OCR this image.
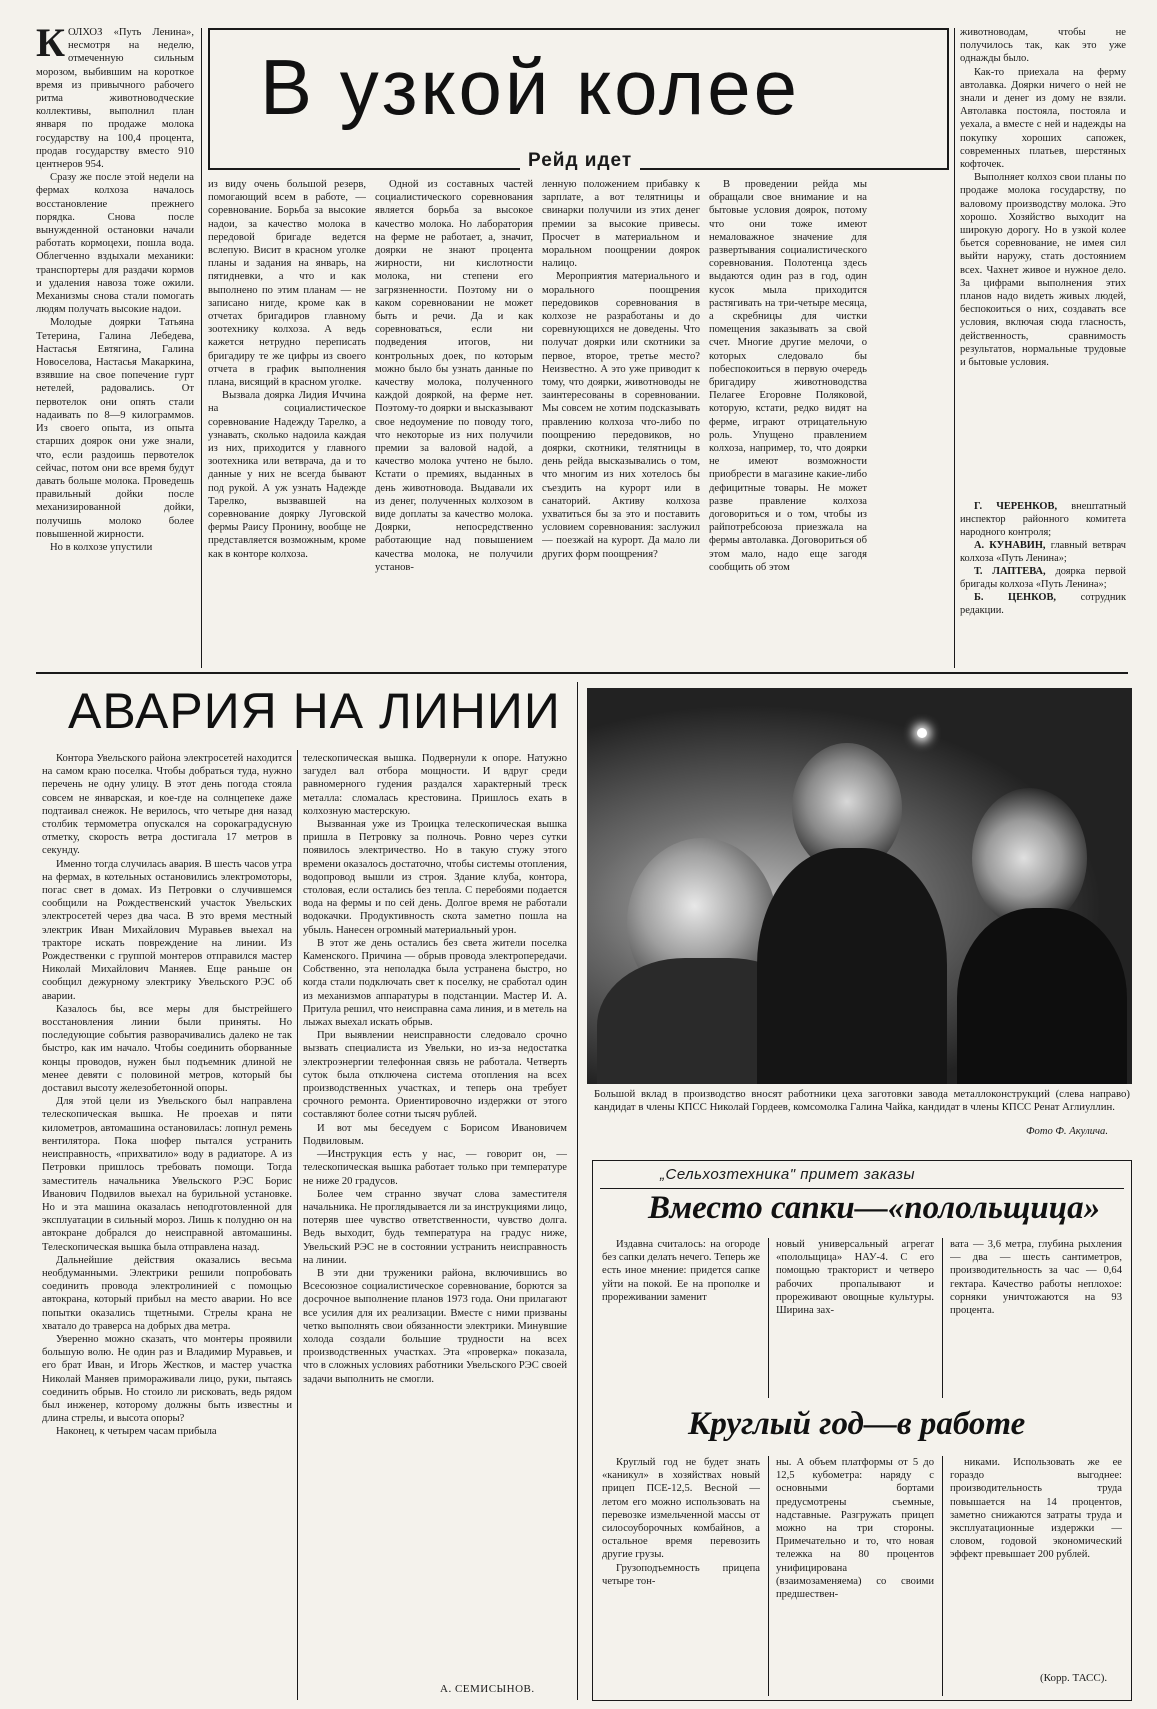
К ОЛХОЗ «Путь Ленина», несмотря на неделю, отмеченную сильным морозом, выбившим на короткое время из привычного рабочего ритма животноводческие коллективы, выполнил план января по продаже молока государству на 100,4 процента, продав государству вместо 910 центнеров 954.

Сразу же после этой недели на фермах колхоза началось восстановление прежнего порядка. Снова после вынужденной остановки начали работать кормоцехи, пошла вода. Облегченно вздыхали механики: транспортеры для раздачи кормов и удаления навоза тоже ожили. Механизмы снова стали помогать людям получать высокие надои.

Молодые доярки Татьяна Тетерина, Галина Лебедева, Настасья Евтягина, Галина Новоселова, Настасья Макаркина, взявшие на свое попечение гурт нетелей, радовались. От первотелок они опять стали надаивать по 8—9 килограммов. Из своего опыта, из опыта старших доярок они уже знали, что, если раздоишь первотелок сейчас, потом они все время будут давать больше молока. Проведешь правильный дойки после механизированной дойки, получишь молоко более повышенной жирности.

Но в колхозе упустили

В узкой колее
Рейд идет

из виду очень большой резерв, помогающий всем в работе, — соревнование. Борьба за высокие надои, за качество молока в передовой бригаде ведется вслепую. Висит в красном уголке планы и задания на январь, на пятидневки, а что и как выполнено по этим планам — не записано нигде, кроме как в отчетах бригадиров главному зоотехнику колхоза. А ведь кажется нетрудно переписать бригадиру те же цифры из своего отчета в график выполнения плана, висящий в красном уголке.

Вызвала доярка Лидия Иччина на социалистическое соревнование Надежду Тарелко, а узнавать, сколько надоила каждая из них, приходится у главного зоотехника или ветврача, да и то данные у них не всегда бывают под рукой. А уж узнать Надежде Тарелко, вызвавшей на соревнование доярку Луговской фермы Раису Пронину, вообще не представляется возможным, кроме как в конторе колхоза.

Одной из составных частей социалистического соревнования является борьба за высокое качество молока. Но лаборатория на ферме не работает, а, значит, доярки не знают процента жирности, ни кислотности молока, ни степени его загрязненности. Поэтому ни о каком соревновании не может быть и речи. Да и как соревноваться, если ни подведения итогов, ни контрольных доек, по которым можно было бы узнать данные по качеству молока, полученного каждой дояркой, на ферме нет. Поэтому-то доярки и высказывают свое недоумение по поводу того, что некоторые из них получили премии за валовой надой, а качество молока учтено не было. Кстати о премиях, выданных в день животновода. Выдавали их из денег, полученных колхозом в виде доплаты за качество молока. Доярки, непосредственно работающие над повышением качества молока, не получили установ-

ленную положением прибавку к зарплате, а вот телятницы и свинарки получили из этих денег премии за высокие привесы. Просчет в материальном и моральном поощрении доярок налицо.

Мероприятия материального и морального поощрения передовиков соревнования в колхозе не разработаны и до соревнующихся не доведены. Что получат доярки или скотники за первое, второе, третье место? Неизвестно. А это уже приводит к тому, что доярки, животноводы не заинтересованы в соревновании. Мы совсем не хотим подсказывать правлению колхоза что-либо по поощрению передовиков, но доярки, скотники, телятницы в день рейда высказывались о том, что многим из них хотелось бы съездить на курорт или в санаторий. Активу колхоза ухватиться бы за это и поставить условием соревнования: заслужил — поезжай на курорт. Да мало ли других форм поощрения?

В проведении рейда мы обращали свое внимание и на бытовые условия доярок, потому что они тоже имеют немаловажное значение для развертывания социалистического соревнования. Полотенца здесь выдаются один раз в год, один кусок мыла приходится растягивать на три-четыре месяца, а скребницы для чистки помещения заказывать за свой счет. Многие другие мелочи, о которых следовало бы побеспокоиться в первую очередь бригадиру животноводства Пелагее Егоровне Поляковой, которую, кстати, редко видят на ферме, играют отрицательную роль. Упущено правлением колхоза, например, то, что доярки не имеют возможности приобрести в магазине какие-либо дефицитные товары. Не может разве правление колхоза договориться и о том, чтобы из райпотребсоюза приезжала на фермы автолавка. Договориться об этом мало, надо еще загодя сообщить об этом

животноводам, чтобы не получилось так, как это уже однажды было.

Как-то приехала на ферму автолавка. Доярки ничего о ней не знали и денег из дому не взяли. Автолавка постояла, постояла и уехала, а вместе с ней и надежды на покупку хороших сапожек, современных платьев, шерстяных кофточек.

Выполняет колхоз свои планы по продаже молока государству, по валовому производству молока. Это хорошо. Хозяйство выходит на широкую дорогу. Но в узкой колее бьется соревнование, не имея сил выйти наружу, стать достоянием всех. Чахнет живое и нужное дело. За цифрами выполнения этих планов надо видеть живых людей, беспокоиться о них, создавать все условия, включая сюда гласность, действенность, сравнимость результатов, нормальные трудовые и бытовые условия.

Г. ЧЕРЕНКОВ, внештатный инспектор районного комитета народного контроля;

А. КУНАВИН, главный ветврач колхоза «Путь Ленина»;

Т. ЛАПТЕВА, доярка первой бригады колхоза «Путь Ленина»;

Б. ЦЕНКОВ, сотрудник редакции.

АВАРИЯ НА ЛИНИИ

Контора Увельского района электросетей находится на самом краю поселка. Чтобы добраться туда, нужно перечень не одну улицу. В этот день погода стояла совсем не январская, и кое-где на солнцепеке даже подтаивал снежок. Не верилось, что четыре дня назад столбик термометра опускался на сорокаградусную отметку, скорость ветра достигала 17 метров в секунду.

Именно тогда случилась авария. В шесть часов утра на фермах, в котельных остановились электромоторы, погас свет в домах. Из Петровки о случившемся сообщили на Рождественский участок Увельских электросетей через два часа. В это время местный электрик Иван Михайлович Муравьев выехал на тракторе искать повреждение на линии. Из Рождественки с группой монтеров отправился мастер Николай Михайлович Маняев. Еще раньше он сообщил дежурному электрику Увельского РЭС об аварии.

Казалось бы, все меры для быстрейшего восстановления линии были приняты. Но последующие события разворачивались далеко не так быстро, как им начало. Чтобы соединить оборванные концы проводов, нужен был подъемник длиной не менее девяти с половиной метров, который бы доставил высоту железобетонной опоры.

Для этой цели из Увельского был направлена телескопическая вышка. Не проехав и пяти километров, автомашина остановилась: лопнул ремень вентилятора. Пока шофер пытался устранить неисправность, «прихватило» воду в радиаторе. А из Петровки пришлось требовать помощи. Тогда заместитель начальника Увельского РЭС Борис Иванович Подвилов выехал на бурильной установке. Но и эта машина оказалась неподготовленной для эксплуатации в сильный мороз. Лишь к полудню он на автокране добрался до неисправной автомашины. Телескопическая вышка была отправлена назад.

Дальнейшие действия оказались весьма необдуманными. Электрики решили попробовать соединить провода электролинией с помощью автокрана, который прибыл на место аварии. Но все попытки оказались тщетными. Стрелы крана не хватало до траверса на добрых два метра.

Уверенно можно сказать, что монтеры проявили большую волю. Не один раз и Владимир Муравьев, и его брат Иван, и Игорь Жестков, и мастер участка Николай Маняев примораживали лицо, руки, пытаясь соединить обрыв. Но стоило ли рисковать, ведь рядом был инженер, которому должны быть известны и длина стрелы, и высота опоры?

Наконец, к четырем часам прибыла

телескопическая вышка. Подвернули к опоре. Натужно загудел вал отбора мощности. И вдруг среди равномерного гудения раздался характерный треск металла: сломалась крестовина. Пришлось ехать в колхозную мастерскую.

Вызванная уже из Троицка телескопическая вышка пришла в Петровку за полночь. Ровно через сутки появилось электричество. Но в такую стужу этого времени оказалось достаточно, чтобы системы отопления, водопровод вышли из строя. Здание клуба, контора, столовая, если остались без тепла. С перебоями подается вода на фермы и по сей день. Долгое время не работали водокачки. Продуктивность скота заметно пошла на убыль. Нанесен огромный материальный урон.

В этот же день остались без света жители поселка Каменского. Причина — обрыв провода электропередачи. Собственно, эта неполадка была устранена быстро, но когда стали подключать свет к поселку, не сработал один из механизмов аппаратуры в подстанции. Мастер И. А. Притула решил, что неисправна сама линия, и в метель на лыжах выехал искать обрыв.

При выявлении неисправности следовало срочно вызвать специалиста из Увельки, но из-за недостатка электроэнергии телефонная связь не работала. Четверть суток была отключена система отопления на всех производственных участках, и теперь она требует срочного ремонта. Ориентировочно издержки от этого составляют более сотни тысяч рублей.

И вот мы беседуем с Борисом Ивановичем Подвиловым.

—Инструкция есть у нас, — говорит он, — телескопическая вышка работает только при температуре не ниже 20 градусов.

Более чем странно звучат слова заместителя начальника. Не проглядывается ли за инструкциями лицо, потеряв шее чувство ответственности, чувство долга. Ведь выходит, будь температура на градус ниже, Увельский РЭС не в состоянии устранить неисправность на линии.

В эти дни труженики района, включившись во Всесоюзное социалистическое соревнование, борются за досрочное выполнение планов 1973 года. Они прилагают все усилия для их реализации. Вместе с ними призваны четко выполнять свои обязанности электрики. Минувшие холода создали большие трудности на всех производственных участках. Эта «проверка» показала, что в сложных условиях работники Увельского РЭС своей задачи выполнить не смогли.

А. СЕМИСЫНОВ.
Большой вклад в производство вносят работники цеха заготовки завода металлоконструкций (слева направо) кандидат в члены КПСС Николай Гордеев, комсомолка Галина Чайка, кандидат в члены КПСС Ренат Аглиуллин.
Фото Ф. Акулича.
„Сельхозтехника" примет заказы
Вместо сапки—«полольщица»
Издавна считалось: на огороде без сапки делать нечего. Теперь же есть иное мнение: придется сапке уйти на покой. Ее на прополке и прореживании заменит
новый универсальный агрегат «полольщица» НАУ-4. С его помощью тракторист и четверо рабочих пропалывают и прореживают овощные культуры. Ширина зах-
вата — 3,6 метра, глубина рыхления — два — шесть сантиметров, производительность за час — 0,64 гектара. Качество работы неплохое: сорняки уничтожаются на 93 процента.
Круглый год—в работе

Круглый год не будет знать «каникул» в хозяйствах новый прицеп ПСЕ-12,5. Весной — летом его можно использовать на перевозке измельченной массы от силосоуборочных комбайнов, а остальное время перевозить другие грузы.

Грузоподъемность прицепа четыре тон-

ны. А объем платформы от 5 до 12,5 кубометра: наряду с основными бортами предусмотрены съемные, надставные. Разгружать прицеп можно на три стороны. Примечательно и то, что новая тележка на 80 процентов унифицирована (взаимозаменяема) со своими предшествен-
никами. Использовать же ее гораздо выгоднее: производительность труда повышается на 14 процентов, заметно снижаются затраты труда и эксплуатационные издержки — словом, годовой экономический эффект превышает 200 рублей.
(Корр. ТАСС).
